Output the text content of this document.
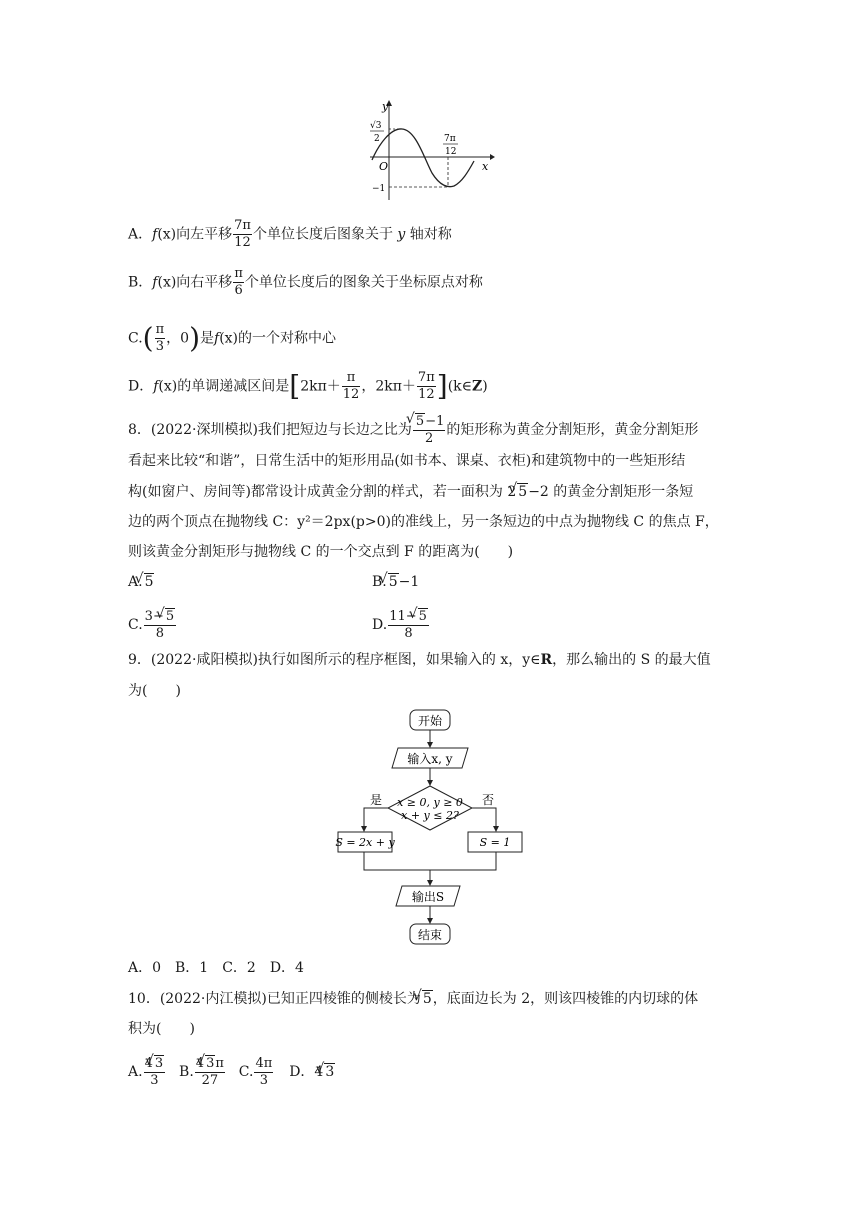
y
x
O
√3
2	7π
12
−1
A．f(x)向左平移 $\frac{7\pi}{12}$ 个单位长度后图象关于 y 轴对称
B．f(x)向右平移 $\frac{\pi}{6}$ 个单位长度后的图象关于坐标原点对称
$C.( \frac{\pi}{3}$ ，0)是f(x)的一个对称中心
D．f(x)的单调递减区间是[$2k\pi+ \frac{\pi}{12}$ ，$2k\pi+ \frac{7\pi}{12}$ ](k∈Z)
8．(2022·深圳模拟)我们把短边与长边之比为 √ $\frac{5-1}{2}$ 的矩形称为黄金分割矩形，黄金分割矩形
看起来比较“和谐”，日常生活中的矩形用品(如书本、课桌、衣柜)和建筑物中的一些矩形结
构(如窗户、房间等)都常设计成黄金分割的样式，若一面积为 2 √ 5−2 的黄金分割矩形一条短
边的两个顶点在抛物线 C：y²＝2px(p>0)的准线上，另一条短边的中点为抛物线 C 的焦点 F，
则该黄金分割矩形与抛物线 C 的一个交点到 F 的距离为(　　)
A. √ 5	B. √ 5−1
C. $\frac{3- √ 5}{8}$	D. $\frac{11- √ 5}{8}$
9．(2022·咸阳模拟)执行如图所示的程序框图，如果输入的 x，y∈R，那么输出的 S 的最大值
为(　　)
开始
输入x, y
x ≥ 0, y ≥ 0
x + y ≤ 2?
是	否
S = 2x + y	S = 1
输出S
结束
A．0　B．1　C．2　D．4
10．(2022·内江模拟)已知正四棱锥的侧棱长为 √ 5，底面边长为 2，则该四棱锥的内切球的体
积为(　　)
A. $\frac{4 √ 3}{3} B$. $\frac{4 √ 3\pi}{27} C$. $\frac{4\pi}{3}$ D．4 √ 3
